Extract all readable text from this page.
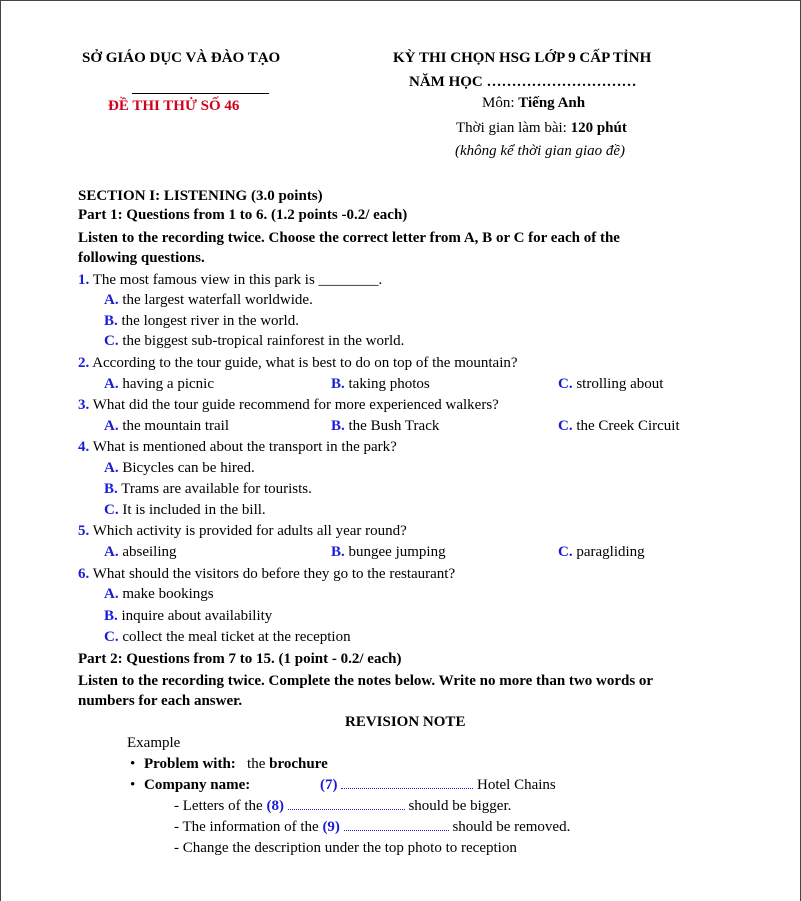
SỞ GIÁO DỤC VÀ ĐÀO TẠO
ĐỀ THI THỬ SỐ 46
KỲ THI CHỌN HSG LỚP 9 CẤP TỈNH
NĂM HỌC …………………………
Môn: Tiếng Anh
Thời gian làm bài: 120 phút
(không kể thời gian giao đề)
SECTION I: LISTENING (3.0 points)
Part 1: Questions from 1 to 6. (1.2 points -0.2/ each)
Listen to the recording twice. Choose the correct letter from A, B or C for each of the
following questions.
1. The most famous view in this park is ________.
A. the largest waterfall worldwide.
B. the longest river in the world.
C. the biggest sub-tropical rainforest in the world.
2. According to the tour guide, what is best to do on top of the mountain?
A. having a picnic	B. taking photos	C. strolling about
3. What did the tour guide recommend for more experienced walkers?
A. the mountain trail	B. the Bush Track	C. the Creek Circuit
4. What is mentioned about the transport in the park?
A. Bicycles can be hired.
B. Trams are available for tourists.
C. It is included in the bill.
5. Which activity is provided for adults all year round?
A. abseiling	B. bungee jumping	C. paragliding
6. What should the visitors do before they go to the restaurant?
A. make bookings
B. inquire about availability
C. collect the meal ticket at the reception
Part 2: Questions from 7 to 15. (1 point - 0.2/ each)
Listen to the recording twice. Complete the notes below. Write no more than two words or
numbers for each answer.
REVISION NOTE
Example
• Problem with: the brochure
• Company name:	(7)	Hotel Chains
- Letters of the (8)	should be bigger.
- The information of the (9)	should be removed.
- Change the description under the top photo to reception
